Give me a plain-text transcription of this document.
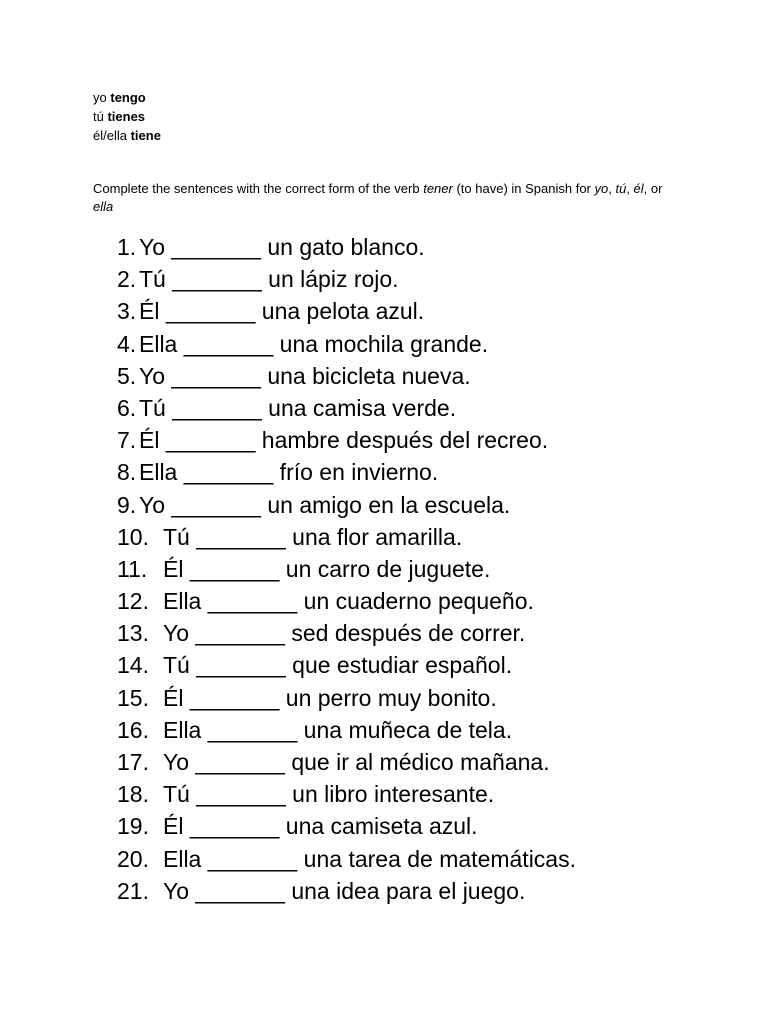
yo tengo
tú tienes
él/ella tiene
Complete the sentences with the correct form of the verb tener (to have) in Spanish for yo, tú, él, or ella
1. Yo _______ un gato blanco.
2. Tú _______ un lápiz rojo.
3. Él _______ una pelota azul.
4. Ella _______ una mochila grande.
5. Yo _______ una bicicleta nueva.
6. Tú _______ una camisa verde.
7. Él _______ hambre después del recreo.
8. Ella _______ frío en invierno.
9. Yo _______ un amigo en la escuela.
10. Tú _______ una flor amarilla.
11. Él _______ un carro de juguete.
12. Ella _______ un cuaderno pequeño.
13. Yo _______ sed después de correr.
14. Tú _______ que estudiar español.
15. Él _______ un perro muy bonito.
16. Ella _______ una muñeca de tela.
17. Yo _______ que ir al médico mañana.
18. Tú _______ un libro interesante.
19. Él _______ una camiseta azul.
20. Ella _______ una tarea de matemáticas.
21. Yo _______ una idea para el juego.
